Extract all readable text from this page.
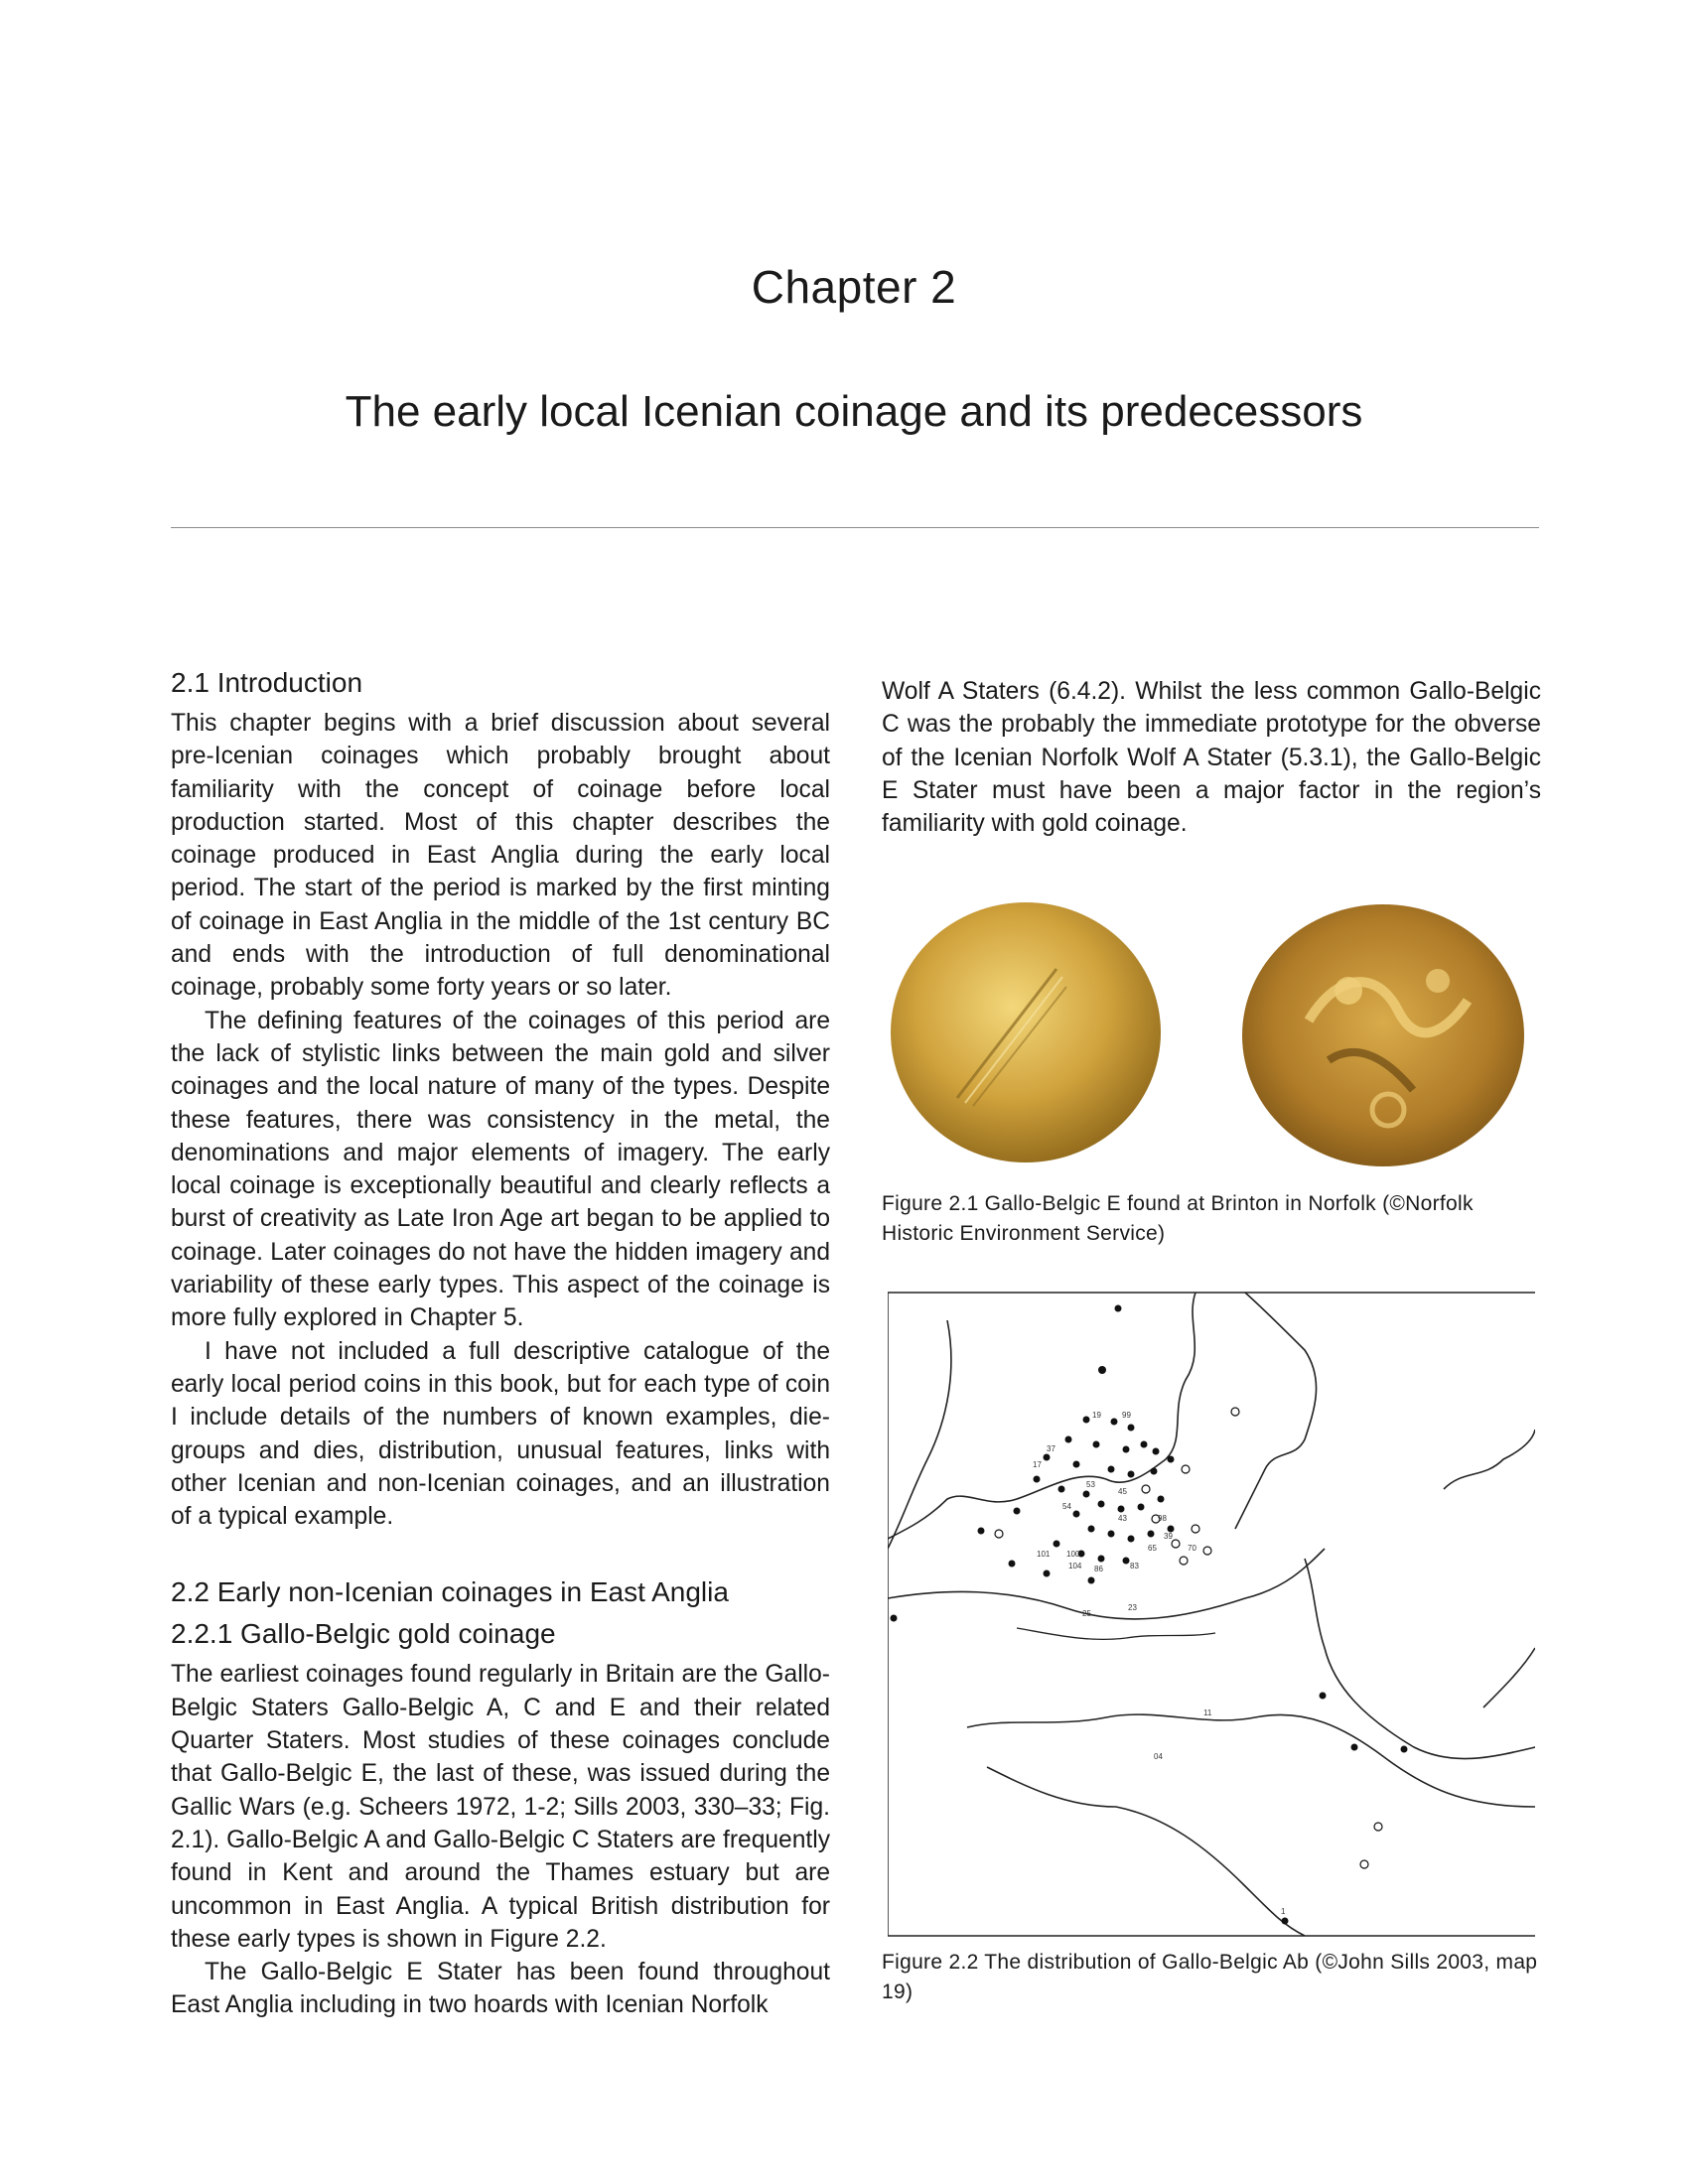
Chapter 2
The early local Icenian coinage and its predecessors
2.1 Introduction

This chapter begins with a brief discussion about several pre-Icenian coinages which probably brought about familiarity with the concept of coinage before local production started. Most of this chapter describes the coinage produced in East Anglia during the early local period. The start of the period is marked by the first minting of coinage in East Anglia in the middle of the 1st century BC and ends with the introduction of full denominational coinage, probably some forty years or so later.

The defining features of the coinages of this period are the lack of stylistic links between the main gold and silver coinages and the local nature of many of the types. Despite these features, there was consistency in the metal, the denominations and major elements of imagery. The early local coinage is exceptionally beautiful and clearly reflects a burst of creativity as Late Iron Age art began to be applied to coinage. Later coinages do not have the hidden imagery and variability of these early types. This aspect of the coinage is more fully explored in Chapter 5.

I have not included a full descriptive catalogue of the early local period coins in this book, but for each type of coin I include details of the numbers of known examples, die-groups and dies, distribution, unusual features, links with other Icenian and non-Icenian coinages, and an illustration of a typical example.

2.2 Early non-Icenian coinages in East Anglia
2.2.1 Gallo-Belgic gold coinage

The earliest coinages found regularly in Britain are the Gallo-Belgic Staters Gallo-Belgic A, C and E and their related Quarter Staters. Most studies of these coinages conclude that Gallo-Belgic E, the last of these, was issued during the Gallic Wars (e.g. Scheers 1972, 1-2; Sills 2003, 330–33; Fig. 2.1). Gallo-Belgic A and Gallo-Belgic C Staters are frequently found in Kent and around the Thames estuary but are uncommon in East Anglia. A typical British distribution for these early types is shown in Figure 2.2.

The Gallo-Belgic E Stater has been found throughout East Anglia including in two hoards with Icenian Norfolk

Wolf A Staters (6.4.2). Whilst the less common Gallo-Belgic C was the probably the immediate prototype for the obverse of the Icenian Norfolk Wolf A Stater (5.3.1), the Gallo-Belgic E Stater must have been a major factor in the region’s familiarity with gold coinage.

Figure 2.1 Gallo-Belgic E found at Brinton in Norfolk (©Norfolk Historic Environment Service)
19	99
37
17
53
45
54
43
65
39
98
101 100
104 86	83
70
25
23
11
04
1
Figure 2.2 The distribution of Gallo-Belgic Ab (©John Sills 2003, map 19)
